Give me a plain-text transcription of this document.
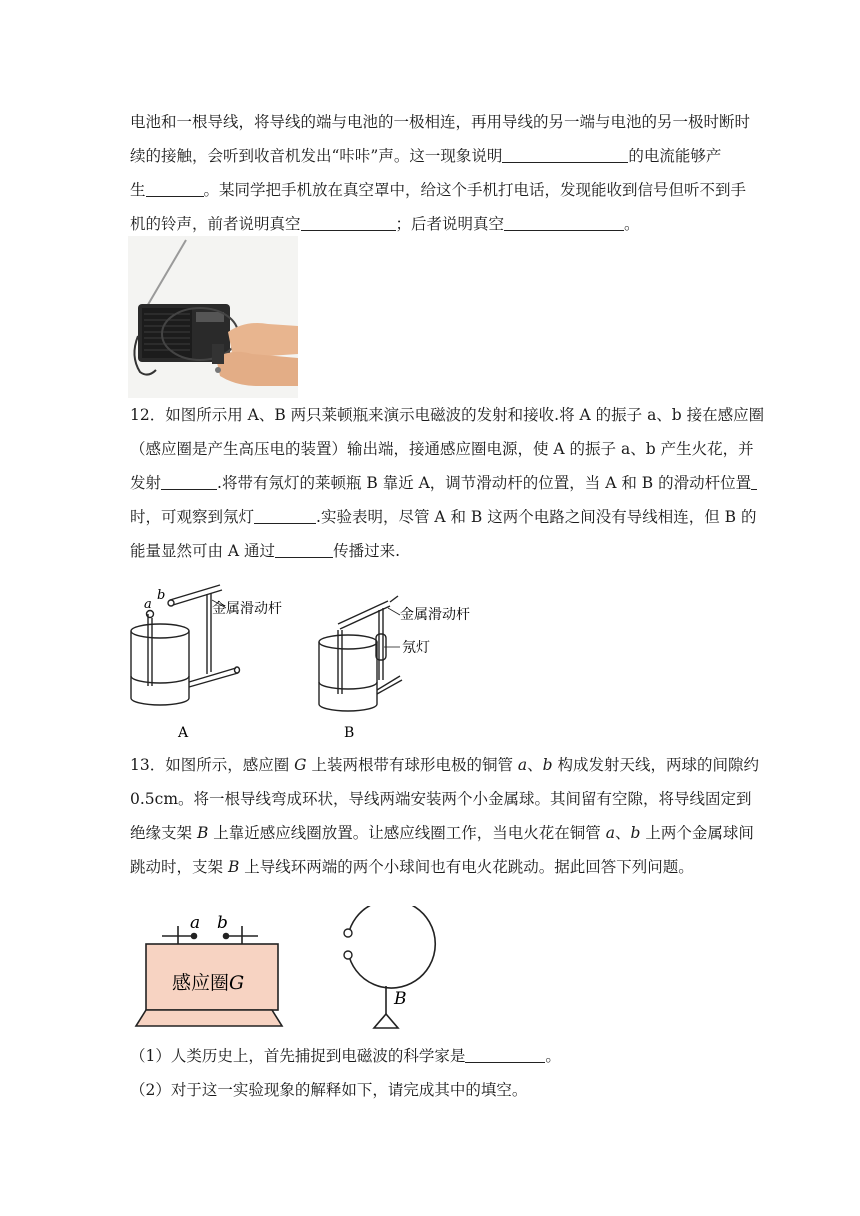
电池和一根导线，将导线的端与电池的一极相连，再用导线的另一端与电池的另一极时断时
续的接触，会听到收音机发出“咔咔”声。这一现象说明	的电流能够产
生	。某同学把手机放在真空罩中，给这个手机打电话，发现能收到信号但听不到手
机的铃声，前者说明真空	；后者说明真空	。
12．如图所示用 A、B 两只莱顿瓶来演示电磁波的发射和接收.将 A 的振子 a、b 接在感应圈
（感应圈是产生高压电的装置）输出端，接通感应圈电源，使 A 的振子 a、b 产生火花，并
发射	.将带有氖灯的莱顿瓶 B 靠近 A，调节滑动杆的位置，当 A 和 B 的滑动杆位置
时，可观察到氖灯	.实验表明，尽管 A 和 B 这两个电路之间没有导线相连，但 B 的
能量显然可由 A 通过	传播过来.
a
b
金属滑动杆	金属滑动杆
氖灯
A	B
13．如图所示，感应圈 G 上装两根带有球形电极的铜管 a、b 构成发射天线，两球的间隙约
0.5cm。将一根导线弯成环状，导线两端安装两个小金属球。其间留有空隙，将导线固定到
绝缘支架 B 上靠近感应线圈放置。让感应线圈工作，当电火花在铜管 a、b 上两个金属球间
跳动时，支架 B 上导线环两端的两个小球间也有电火花跳动。据此回答下列问题。
a b
感应圈G
B
（1）人类历史上，首先捕捉到电磁波的科学家是	。
（2）对于这一实验现象的解释如下，请完成其中的填空。
